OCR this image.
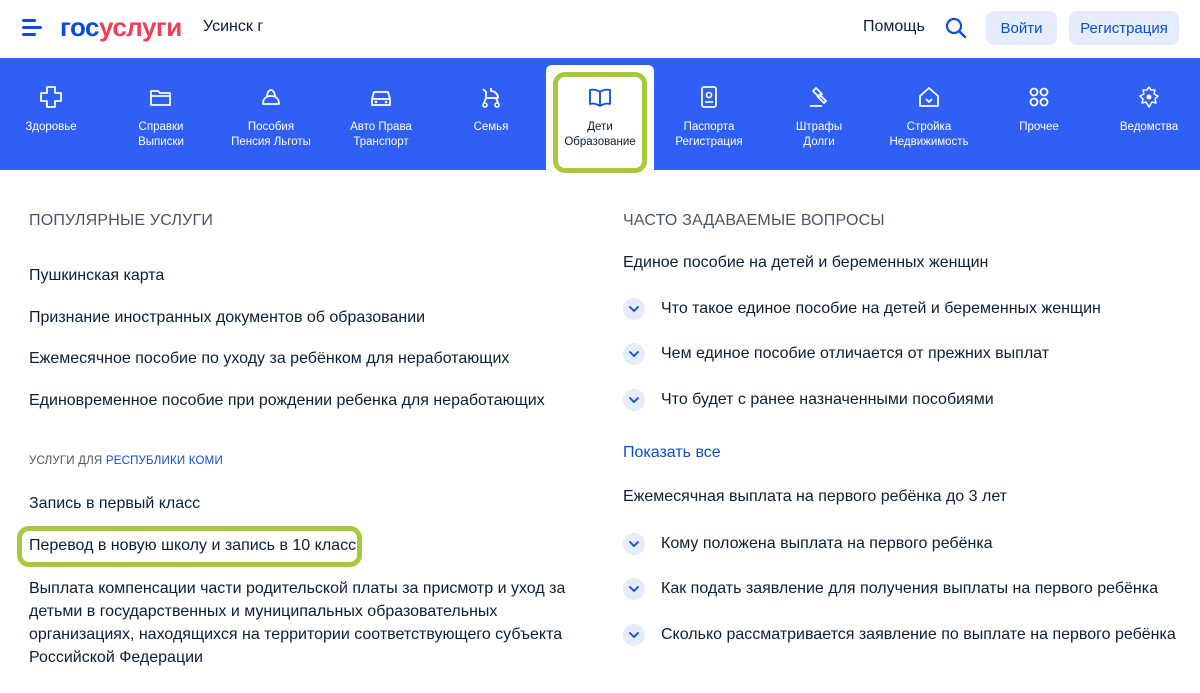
госуслуги Усинск г	Помощь	Войти	Регистрация
Здоровье	Справки
Выписки
Пособия
Пенсия Льготы
Авто Права
Транспорт
Семья	Дети
Образование
Паспорта
Регистрация
Штрафы
Долги
Стройка
Недвижимость
Прочее	Ведомства
ПОПУЛЯРНЫЕ УСЛУГИ
Пушкинская карта
Признание иностранных документов об образовании
Ежемесячное пособие по уходу за ребёнком для неработающих
Единовременное пособие при рождении ребенка для неработающих
УСЛУГИ ДЛЯ РЕСПУБЛИКИ КОМИ
Запись в первый класс
Перевод в новую школу и запись в 10 класс
Выплата компенсации части родительской платы за присмотр и уход за детьми в государственных и муниципальных образовательных организациях, находящихся на территории соответствующего субъекта Российской Федерации
ЧАСТО ЗАДАВАЕМЫЕ ВОПРОСЫ
Единое пособие на детей и беременных женщин
Что такое единое пособие на детей и беременных женщин
Чем единое пособие отличается от прежних выплат
Что будет с ранее назначенными пособиями
Показать все
Ежемесячная выплата на первого ребёнка до 3 лет
Кому положена выплата на первого ребёнка
Как подать заявление для получения выплаты на первого ребёнка
Сколько рассматривается заявление по выплате на первого ребёнка
